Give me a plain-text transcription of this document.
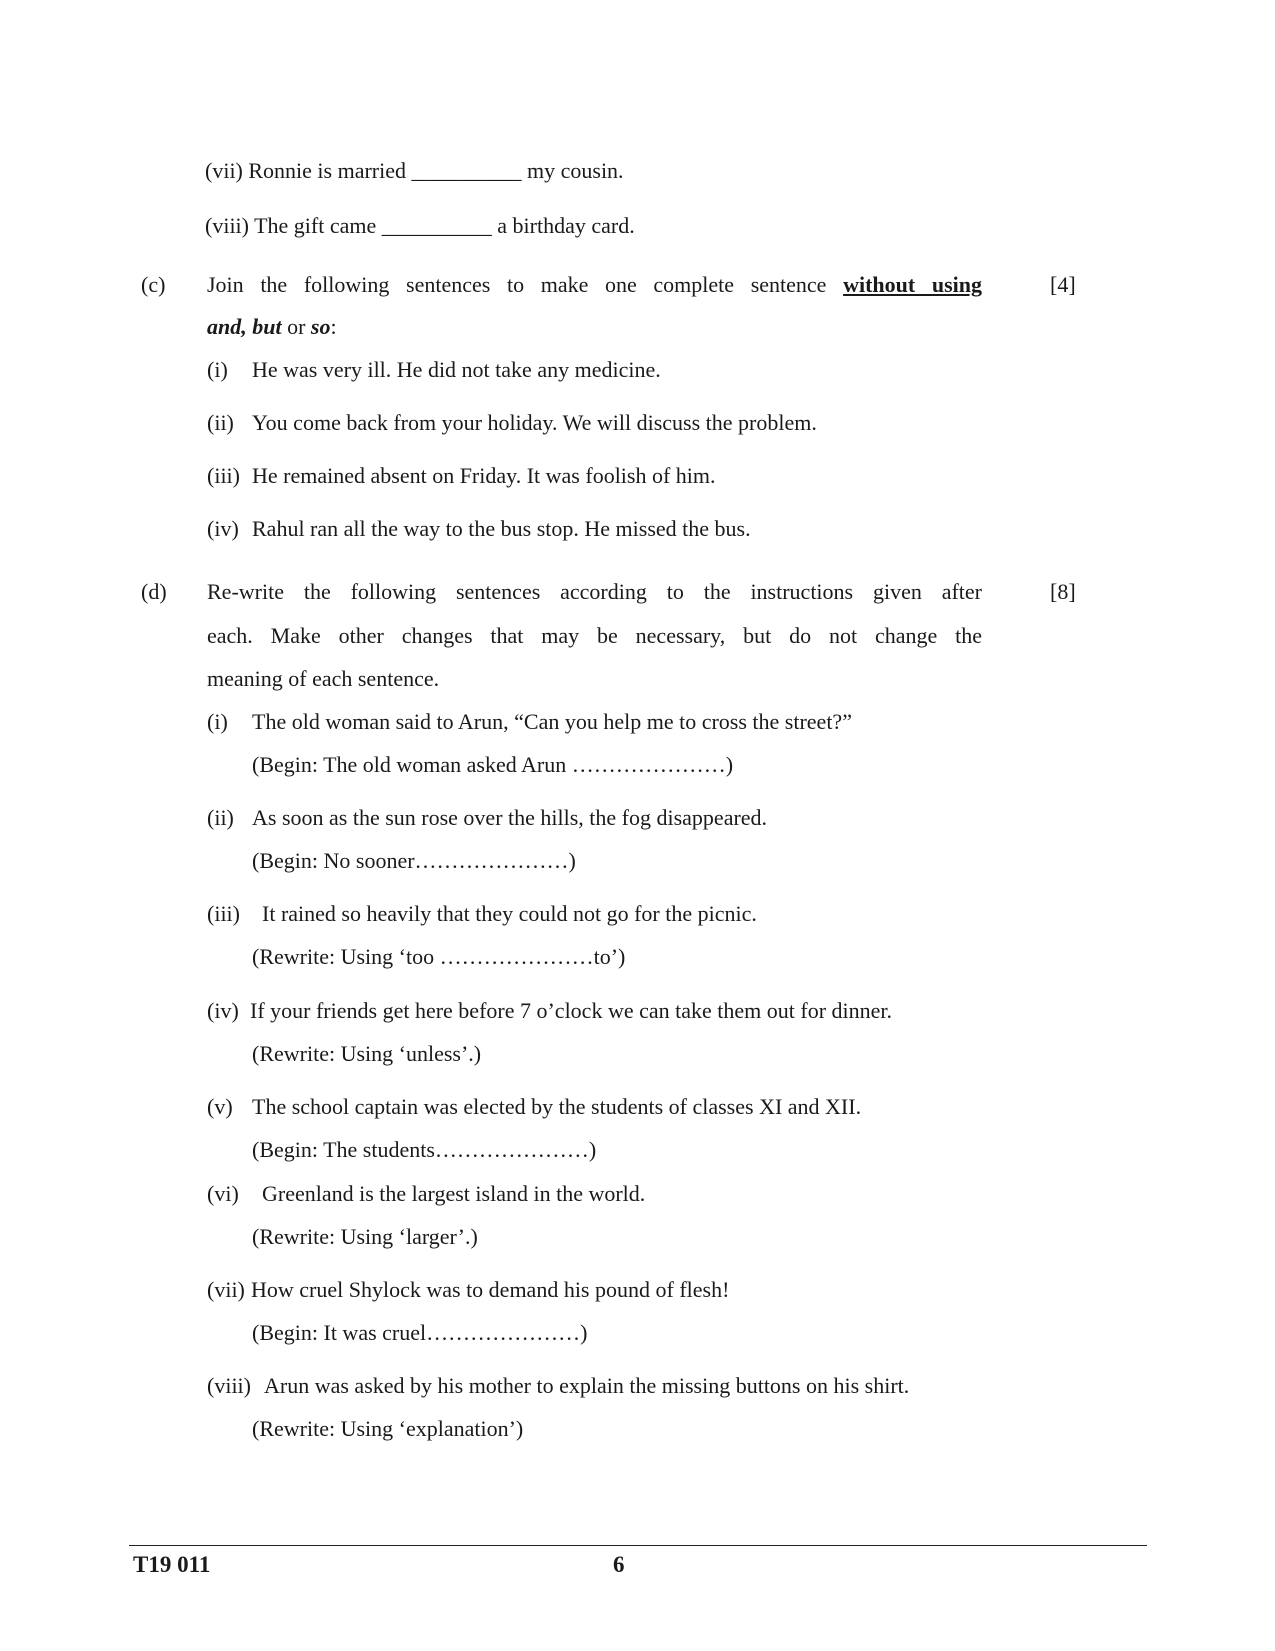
(vii) Ronnie is married __________ my cousin.
(viii) The gift came __________ a birthday card.
(c)	[4]
Join the following sentences to make one complete sentence without using
and, but or so:
(i) He was very ill. He did not take any medicine.
(ii) You come back from your holiday. We will discuss the problem.
(iii) He remained absent on Friday. It was foolish of him.
(iv) Rahul ran all the way to the bus stop. He missed the bus.
(d)	[8]
Re-write the following sentences according to the instructions given after
each. Make other changes that may be necessary, but do not change the
meaning of each sentence.
(i) The old woman said to Arun, “Can you help me to cross the street?”
(Begin: The old woman asked Arun …………………)
(ii) As soon as the sun rose over the hills, the fog disappeared.
(Begin: No sooner…………………)
(iii) It rained so heavily that they could not go for the picnic.
(Rewrite: Using ‘too …………………to’)
(iv) If your friends get here before 7 o’clock we can take them out for dinner.
(Rewrite: Using ‘unless’.)
(v) The school captain was elected by the students of classes XI and XII.
(Begin: The students…………………)
(vi) Greenland is the largest island in the world.
(Rewrite: Using ‘larger’.)
(vii) How cruel Shylock was to demand his pound of flesh!
(Begin: It was cruel…………………)
(viii) Arun was asked by his mother to explain the missing buttons on his shirt.
(Rewrite: Using ‘explanation’)
T19 011	6
